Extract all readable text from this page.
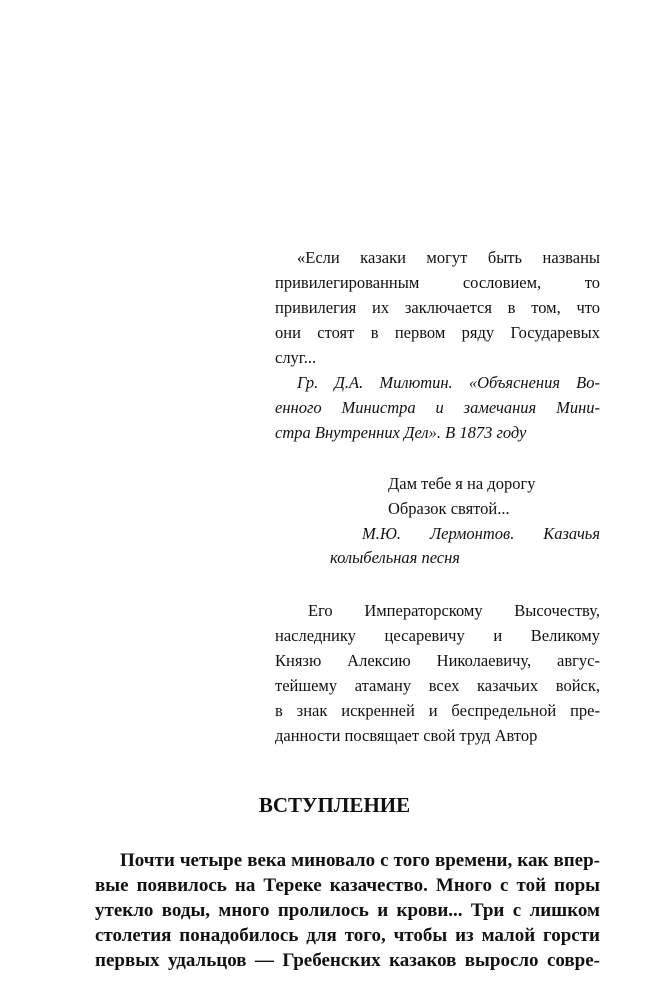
«Если казаки могут быть названы
привилегированным сословием, то
привилегия их заключается в том, что
они стоят в первом ряду Государевых
слуг...
Гр. Д.А. Милютин. «Объяснения Во-
енного Министра и замечания Мини-
стра Внутренних Дел». В 1873 году
Дам тебе я на дорогу
Образок святой...
М.Ю. Лермонтов. Казачья
колыбельная песня
Его Императорскому Высочеству,
наследнику цесаревичу и Великому
Князю Алексию Николаевичу, авгус-
тейшему атаману всех казачьих войск,
в знак искренней и беспредельной пре-
данности посвящает свой труд Автор
ВСТУПЛЕНИЕ
Почти четыре века миновало с того времени, как впер-
вые появилось на Тереке казачество. Много с той поры
утекло воды, много пролилось и крови... Три с лишком
столетия понадобилось для того, чтобы из малой горсти
первых удальцов — Гребенских казаков выросло совре-
